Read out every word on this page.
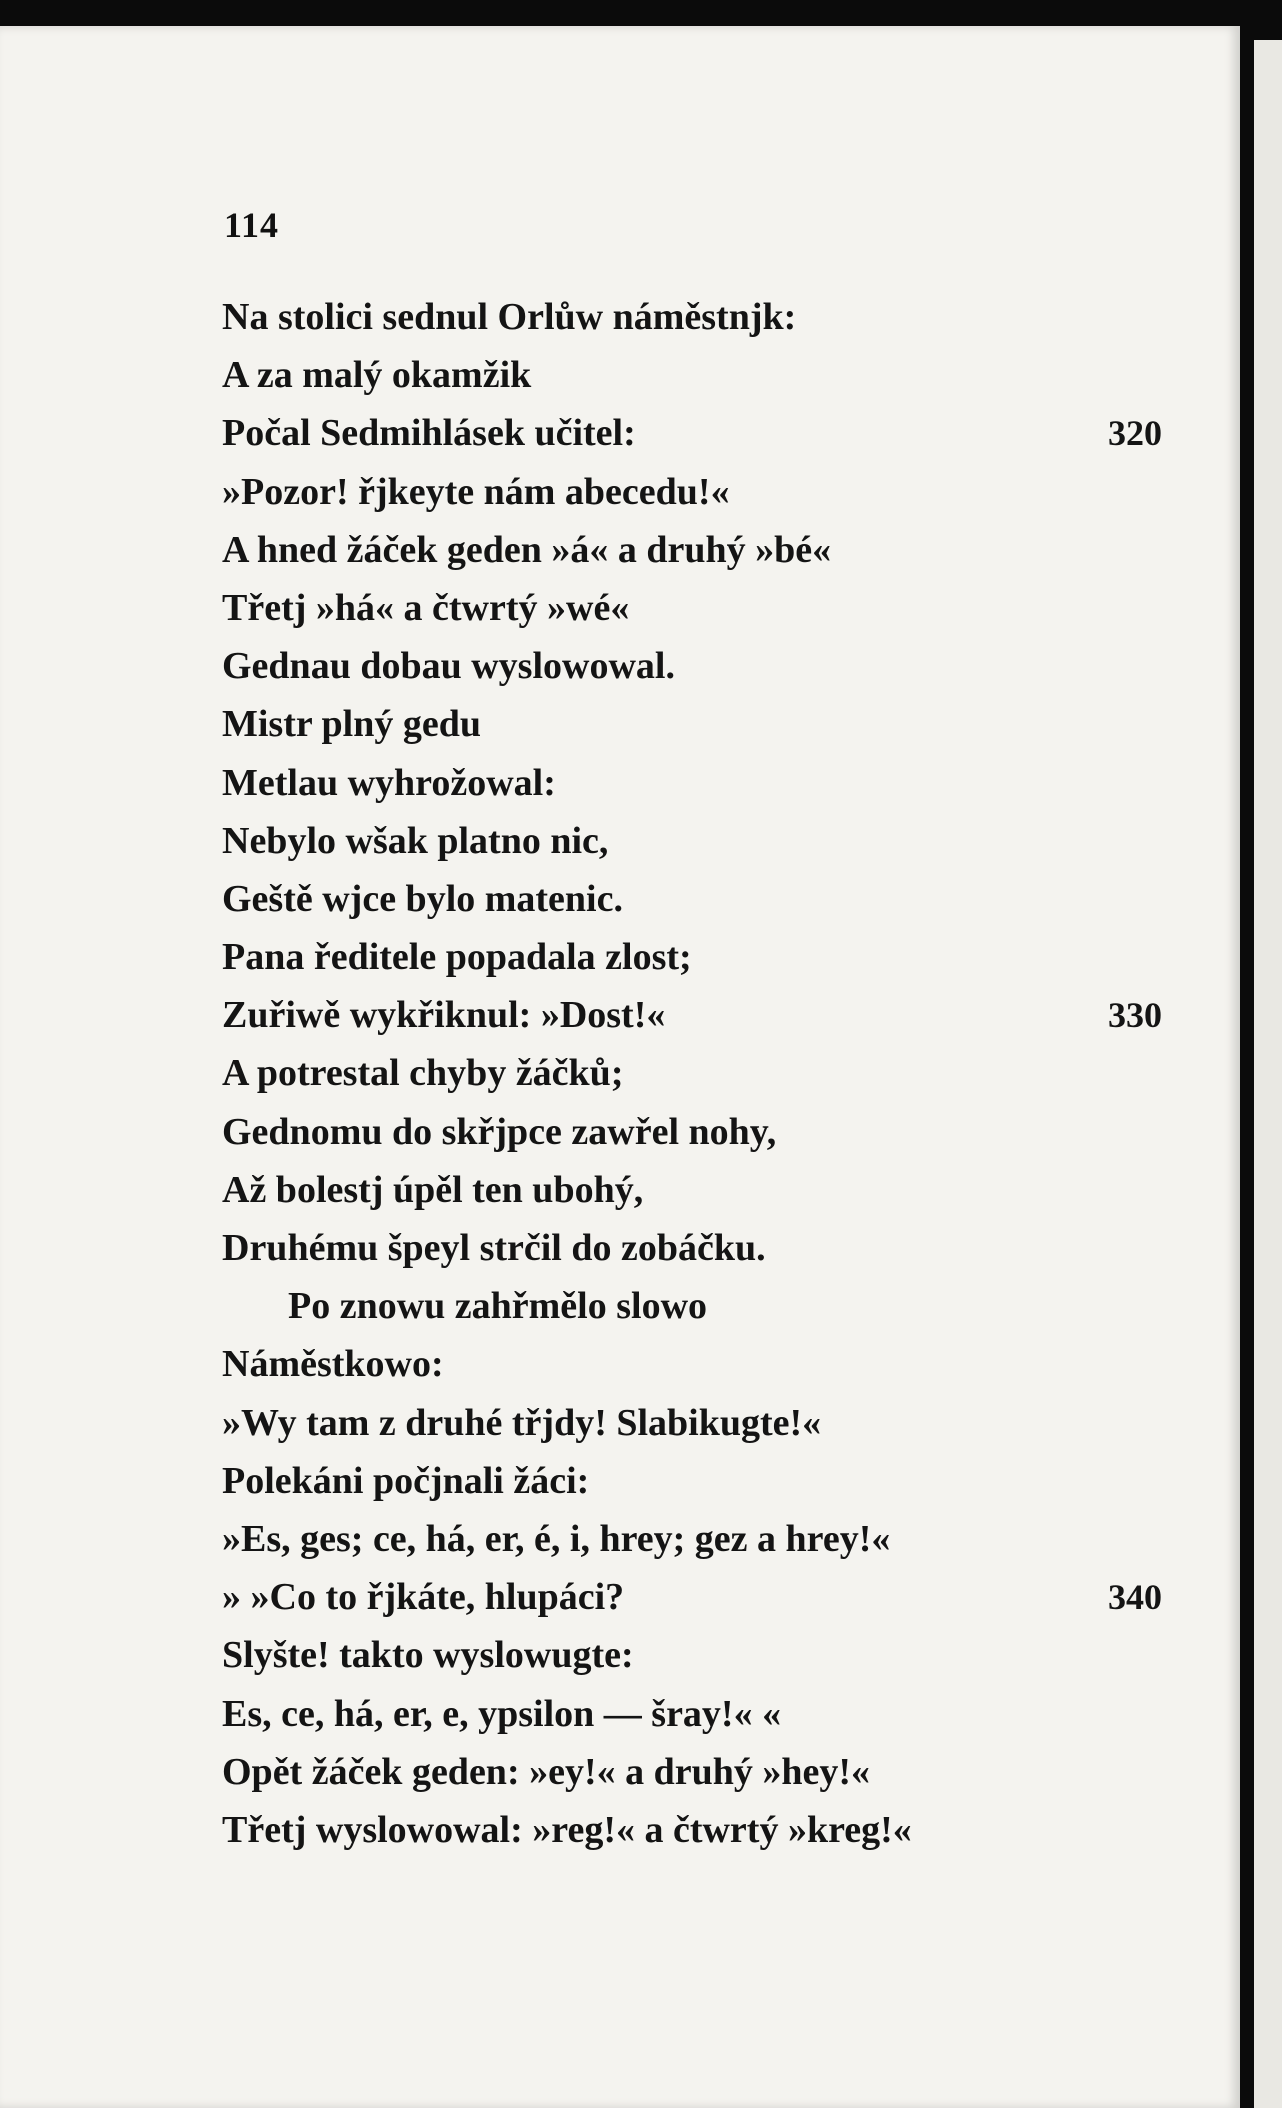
114

Na stolici sednul Orlůw náměstnjk:
A za malý okamžik
Počal Sedmihlásek učitel:	320
»Pozor! řjkeyte nám abecedu!«
A hned žáček geden »á« a druhý »bé«
Třetj »há« a čtwrtý »wé«
Gednau dobau wyslowowal.
Mistr plný gedu
Metlau wyhrožowal:
Nebylo wšak platno nic,
Geště wjce bylo matenic.
Pana ředitele popadala zlost;
Zuřiwě wykřiknul: »Dost!«	330
A potrestal chyby žáčků;
Gednomu do skřjpce zawřel nohy,
Až bolestj úpěl ten ubohý,
Druhému špeyl strčil do zobáčku.
Po znowu zahřmělo slowo
Náměstkowo:
»Wy tam z druhé třjdy! Slabikugte!«
Polekáni počjnali žáci:
»Es, ges; ce, há, er, é, i, hrey; gez a hrey!«
» »Co to řjkáte, hlupáci?	340
Slyšte! takto wyslowugte:
Es, ce, há, er, e, ypsilon — šray!« «
Opět žáček geden: »ey!« a druhý »hey!«
Třetj wyslowowal: »reg!« a čtwrtý »kreg!«
